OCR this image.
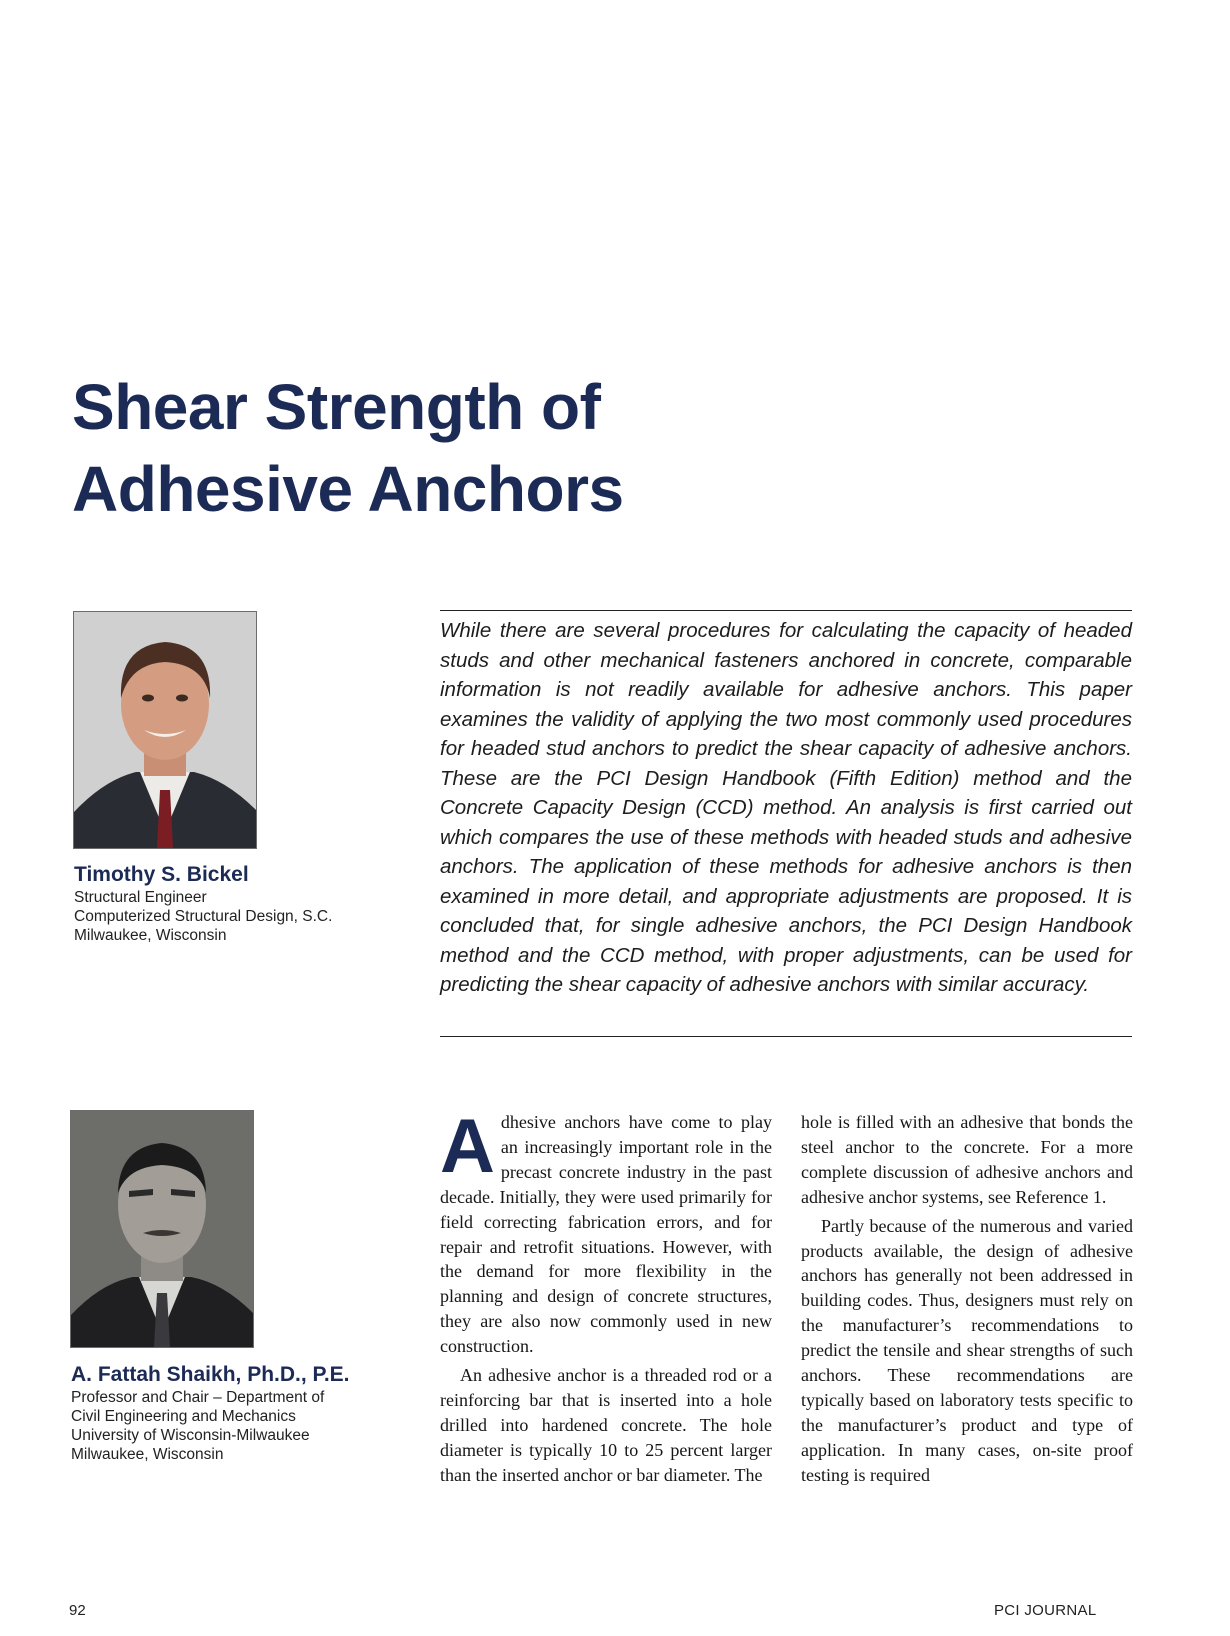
Shear Strength of
Adhesive Anchors
Timothy S. Bickel
Structural Engineer
Computerized Structural Design, S.C.
Milwaukee, Wisconsin

While there are several procedures for calculating the capacity of headed studs and other mechanical fasteners anchored in concrete, comparable information is not readily available for adhesive anchors. This paper examines the validity of applying the two most commonly used procedures for headed stud anchors to predict the shear capacity of adhesive anchors. These are the PCI Design Handbook (Fifth Edition) method and the Concrete Capacity Design (CCD) method. An analysis is first carried out which compares the use of these methods with headed studs and adhesive anchors. The application of these methods for adhesive anchors is then examined in more detail, and appropriate adjustments are proposed. It is concluded that, for single adhesive anchors, the PCI Design Handbook method and the CCD method, with proper adjustments, can be used for predicting the shear capacity of adhesive anchors with similar accuracy.

A. Fattah Shaikh, Ph.D., P.E.
Professor and Chair – Department of
Civil Engineering and Mechanics
University of Wisconsin-Milwaukee
Milwaukee, Wisconsin

Adhesive anchors have come to play an increasingly important role in the precast concrete industry in the past decade. Initially, they were used primarily for field correcting fabrication errors, and for repair and retrofit situations. However, with the demand for more flexibility in the planning and design of concrete structures, they are also now commonly used in new construction.

An adhesive anchor is a threaded rod or a reinforcing bar that is inserted into a hole drilled into hardened concrete. The hole diameter is typically 10 to 25 percent larger than the inserted anchor or bar diameter. The

hole is filled with an adhesive that bonds the steel anchor to the concrete. For a more complete discussion of adhesive anchors and adhesive anchor systems, see Reference 1.

Partly because of the numerous and varied products available, the design of adhesive anchors has generally not been addressed in building codes. Thus, designers must rely on the manufacturer’s recommendations to predict the tensile and shear strengths of such anchors. These recommendations are typically based on laboratory tests specific to the manufacturer’s product and type of application. In many cases, on-site proof testing is required

92	PCI JOURNAL
